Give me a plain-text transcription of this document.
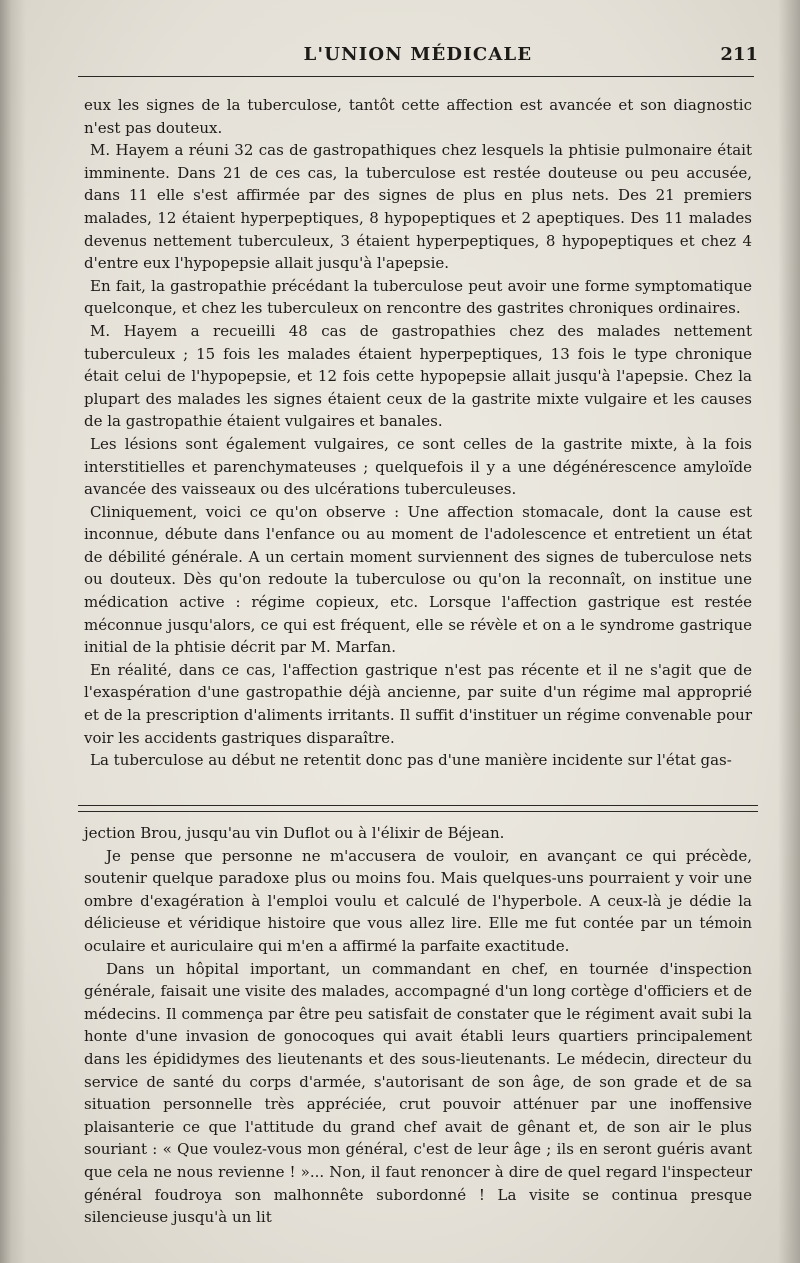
L'UNION MÉDICALE	211

eux les signes de la tuberculose, tantôt cette affection est avancée et son diagnostic n'est pas douteux.

M. Hayem a réuni 32 cas de gastropathiques chez lesquels la phtisie pulmonaire était imminente. Dans 21 de ces cas, la tuberculose est restée douteuse ou peu accusée, dans 11 elle s'est affirmée par des signes de plus en plus nets. Des 21 premiers malades, 12 étaient hyperpeptiques, 8 hypopeptiques et 2 apeptiques. Des 11 malades devenus nettement tuberculeux, 3 étaient hyperpeptiques, 8 hypopeptiques et chez 4 d'entre eux l'hypopepsie allait jusqu'à l'apepsie.

En fait, la gastropathie précédant la tuberculose peut avoir une forme symptomatique quelconque, et chez les tuberculeux on rencontre des gastrites chroniques ordinaires.

M. Hayem a recueilli 48 cas de gastropathies chez des malades nettement tuberculeux ; 15 fois les malades étaient hyperpeptiques, 13 fois le type chronique était celui de l'hypopepsie, et 12 fois cette hypopepsie allait jusqu'à l'apepsie. Chez la plupart des malades les signes étaient ceux de la gastrite mixte vulgaire et les causes de la gastropathie étaient vulgaires et banales.

Les lésions sont également vulgaires, ce sont celles de la gastrite mixte, à la fois interstitielles et parenchymateuses ; quelquefois il y a une dégénérescence amyloïde avancée des vaisseaux ou des ulcérations tuberculeuses.

Cliniquement, voici ce qu'on observe : Une affection stomacale, dont la cause est inconnue, débute dans l'enfance ou au moment de l'adolescence et entretient un état de débilité générale. A un certain moment surviennent des signes de tuberculose nets ou douteux. Dès qu'on redoute la tuberculose ou qu'on la reconnaît, on institue une médication active : régime copieux, etc. Lorsque l'affection gastrique est restée méconnue jusqu'alors, ce qui est fréquent, elle se révèle et on a le syndrome gastrique initial de la phtisie décrit par M. Marfan.

En réalité, dans ce cas, l'affection gastrique n'est pas récente et il ne s'agit que de l'exaspération d'une gastropathie déjà ancienne, par suite d'un régime mal approprié et de la prescription d'aliments irritants. Il suffit d'instituer un régime convenable pour voir les accidents gastriques disparaître.

La tuberculose au début ne retentit donc pas d'une manière incidente sur l'état gas-

jection Brou, jusqu'au vin Duflot ou à l'élixir de Béjean.

Je pense que personne ne m'accusera de vouloir, en avançant ce qui précède, soutenir quelque paradoxe plus ou moins fou. Mais quelques-uns pourraient y voir une ombre d'exagération à l'emploi voulu et calculé de l'hyperbole. A ceux-là je dédie la délicieuse et véridique histoire que vous allez lire. Elle me fut contée par un témoin oculaire et auriculaire qui m'en a affirmé la parfaite exactitude.

Dans un hôpital important, un commandant en chef, en tournée d'inspection générale, faisait une visite des malades, accompagné d'un long cortège d'officiers et de médecins. Il commença par être peu satisfait de constater que le régiment avait subi la honte d'une invasion de gonocoques qui avait établi leurs quartiers principalement dans les épididymes des lieutenants et des sous-lieutenants. Le médecin, directeur du service de santé du corps d'armée, s'autorisant de son âge, de son grade et de sa situation personnelle très appréciée, crut pouvoir atténuer par une inoffensive plaisanterie ce que l'attitude du grand chef avait de gênant et, de son air le plus souriant : « Que voulez-vous mon général, c'est de leur âge ; ils en seront guéris avant que cela ne nous revienne ! »... Non, il faut renoncer à dire de quel regard l'inspecteur général foudroya son malhonnête subordonné ! La visite se continua presque silencieuse jusqu'à un lit
